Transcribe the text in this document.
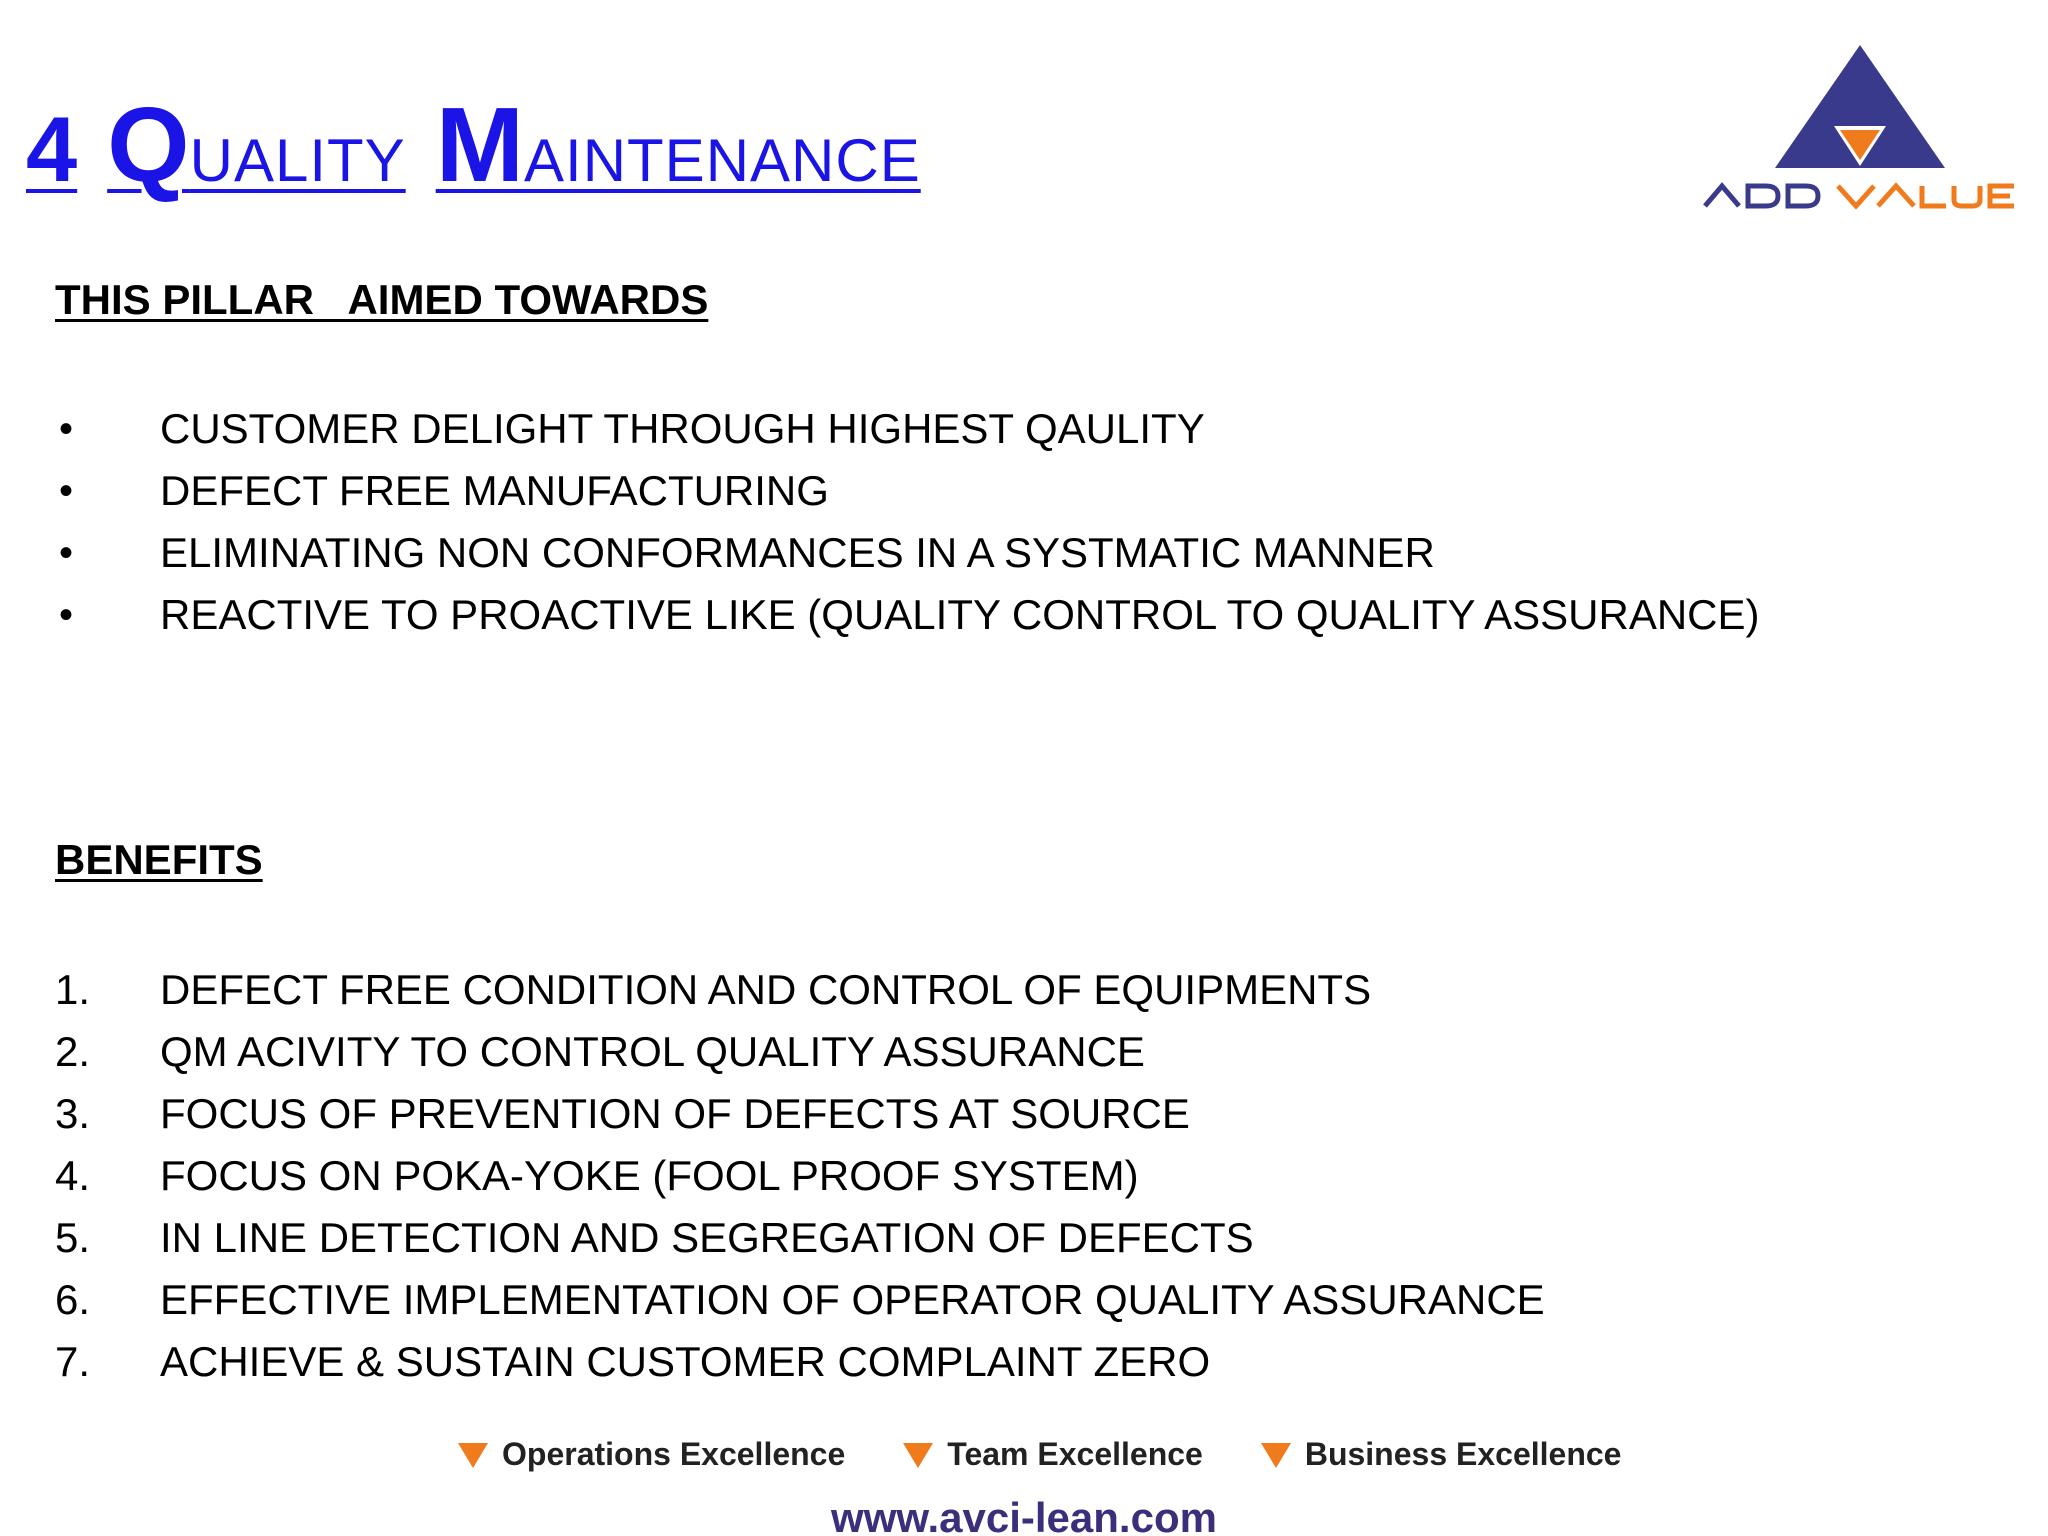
4 QUALITY MAINTENANCE
ADD VALUE
THIS PILLAR   AIMED TOWARDS
•	CUSTOMER DELIGHT THROUGH HIGHEST QAULITY
•	DEFECT FREE MANUFACTURING
•	ELIMINATING NON CONFORMANCES IN A SYSTMATIC MANNER
•	REACTIVE TO PROACTIVE LIKE (QUALITY CONTROL TO QUALITY ASSURANCE)
BENEFITS
1.	DEFECT FREE CONDITION AND CONTROL OF EQUIPMENTS
2.	QM ACIVITY TO CONTROL QUALITY ASSURANCE
3.	FOCUS OF PREVENTION OF DEFECTS AT SOURCE
4.	FOCUS ON POKA-YOKE (FOOL PROOF SYSTEM)
5.	IN LINE DETECTION AND SEGREGATION OF DEFECTS
6.	EFFECTIVE IMPLEMENTATION OF OPERATOR QUALITY ASSURANCE
7.	ACHIEVE & SUSTAIN CUSTOMER COMPLAINT ZERO
Operations Excellence	Team Excellence	Business Excellence
www.avci-lean.com
